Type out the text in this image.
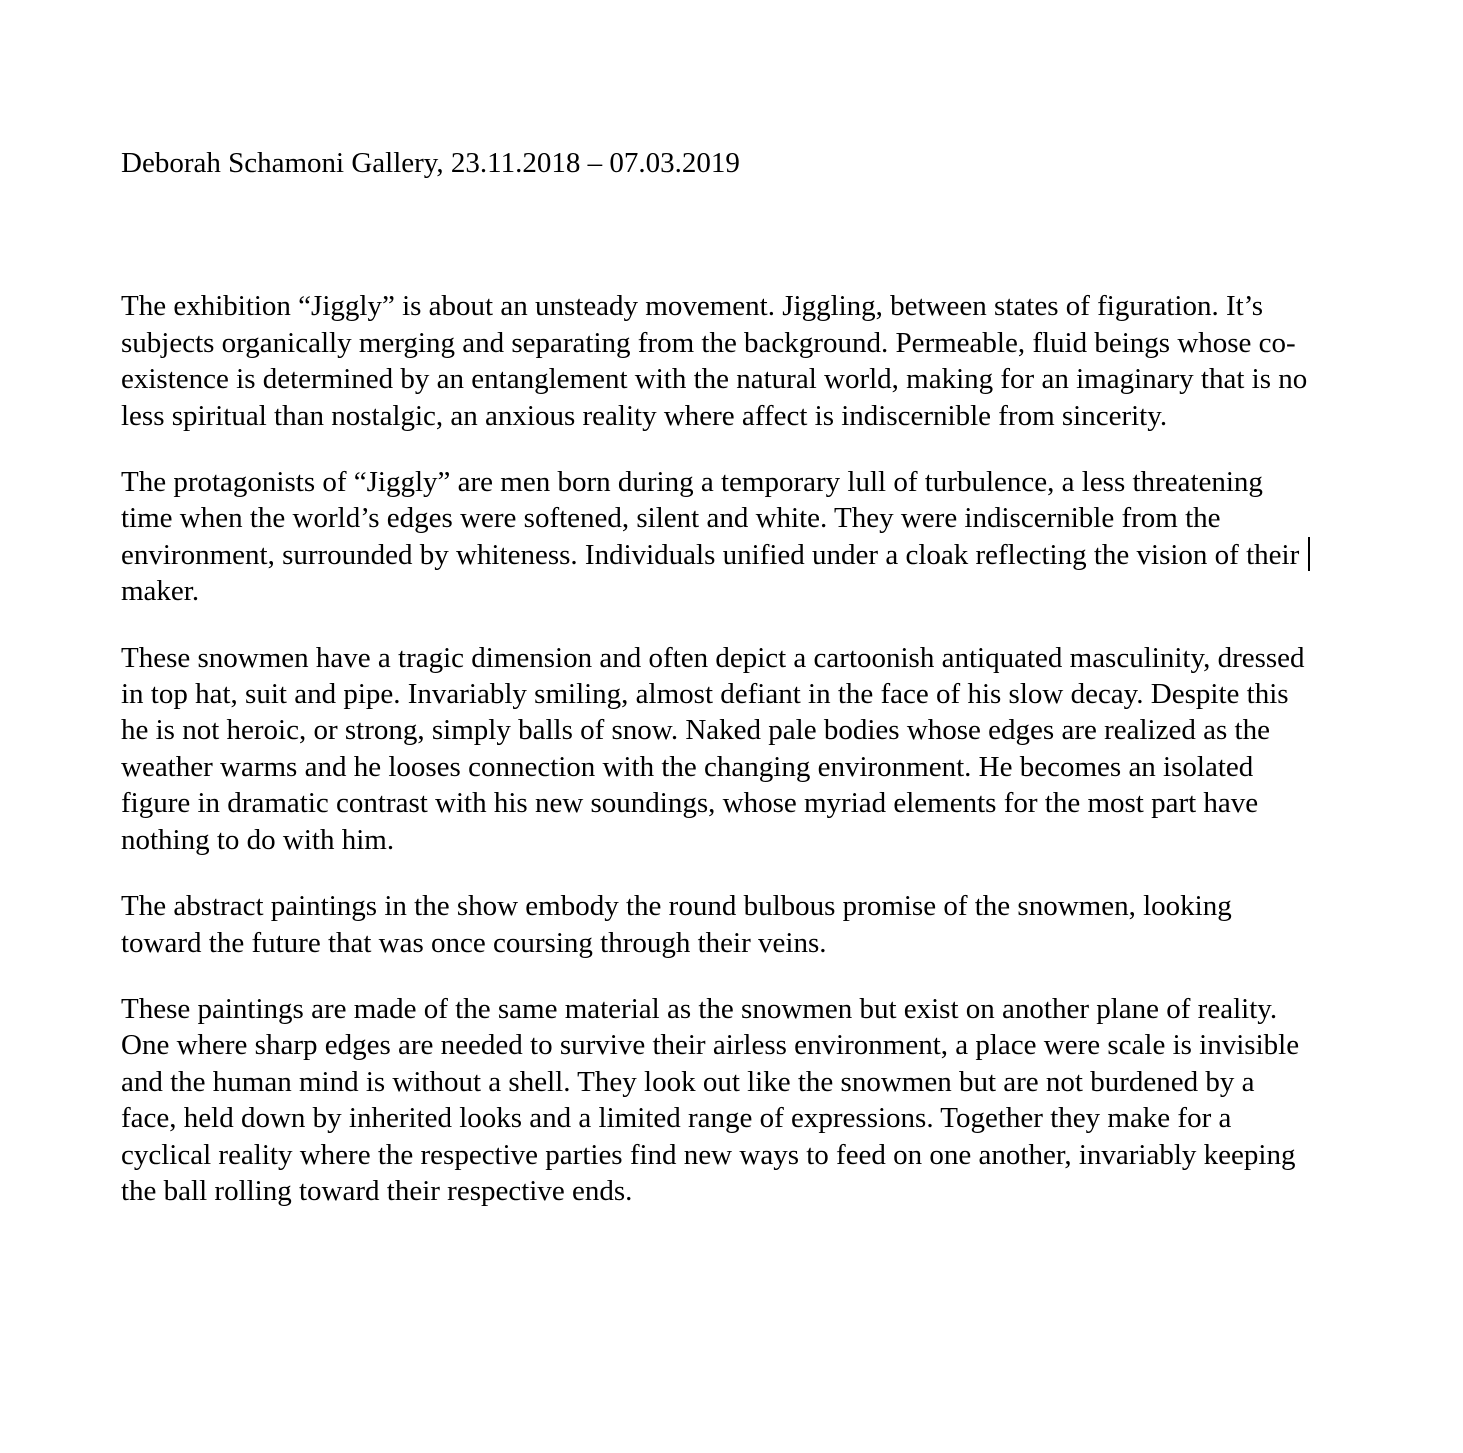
Deborah Schamoni Gallery, 23.11.2018 – 07.03.2019
The exhibition “Jiggly” is about an unsteady movement. Jiggling, between states of figuration. It’s
subjects organically merging and separating from the background. Permeable, fluid beings whose co-
existence is determined by an entanglement with the natural world, making for an imaginary that is no
less spiritual than nostalgic, an anxious reality where affect is indiscernible from sincerity.
The protagonists of “Jiggly” are men born during a temporary lull of turbulence, a less threatening
time when the world’s edges were softened, silent and white. They were indiscernible from the
environment, surrounded by whiteness. Individuals unified under a cloak reflecting the vision of their
maker.
These snowmen have a tragic dimension and often depict a cartoonish antiquated masculinity, dressed
in top hat, suit and pipe. Invariably smiling, almost defiant in the face of his slow decay. Despite this
he is not heroic, or strong, simply balls of snow. Naked pale bodies whose edges are realized as the
weather warms and he looses connection with the changing environment. He becomes an isolated
figure in dramatic contrast with his new soundings, whose myriad elements for the most part have
nothing to do with him.
The abstract paintings in the show embody the round bulbous promise of the snowmen, looking
toward the future that was once coursing through their veins.
These paintings are made of the same material as the snowmen but exist on another plane of reality.
One where sharp edges are needed to survive their airless environment, a place were scale is invisible
and the human mind is without a shell. They look out like the snowmen but are not burdened by a
face, held down by inherited looks and a limited range of expressions. Together they make for a
cyclical reality where the respective parties find new ways to feed on one another, invariably keeping
the ball rolling toward their respective ends.
